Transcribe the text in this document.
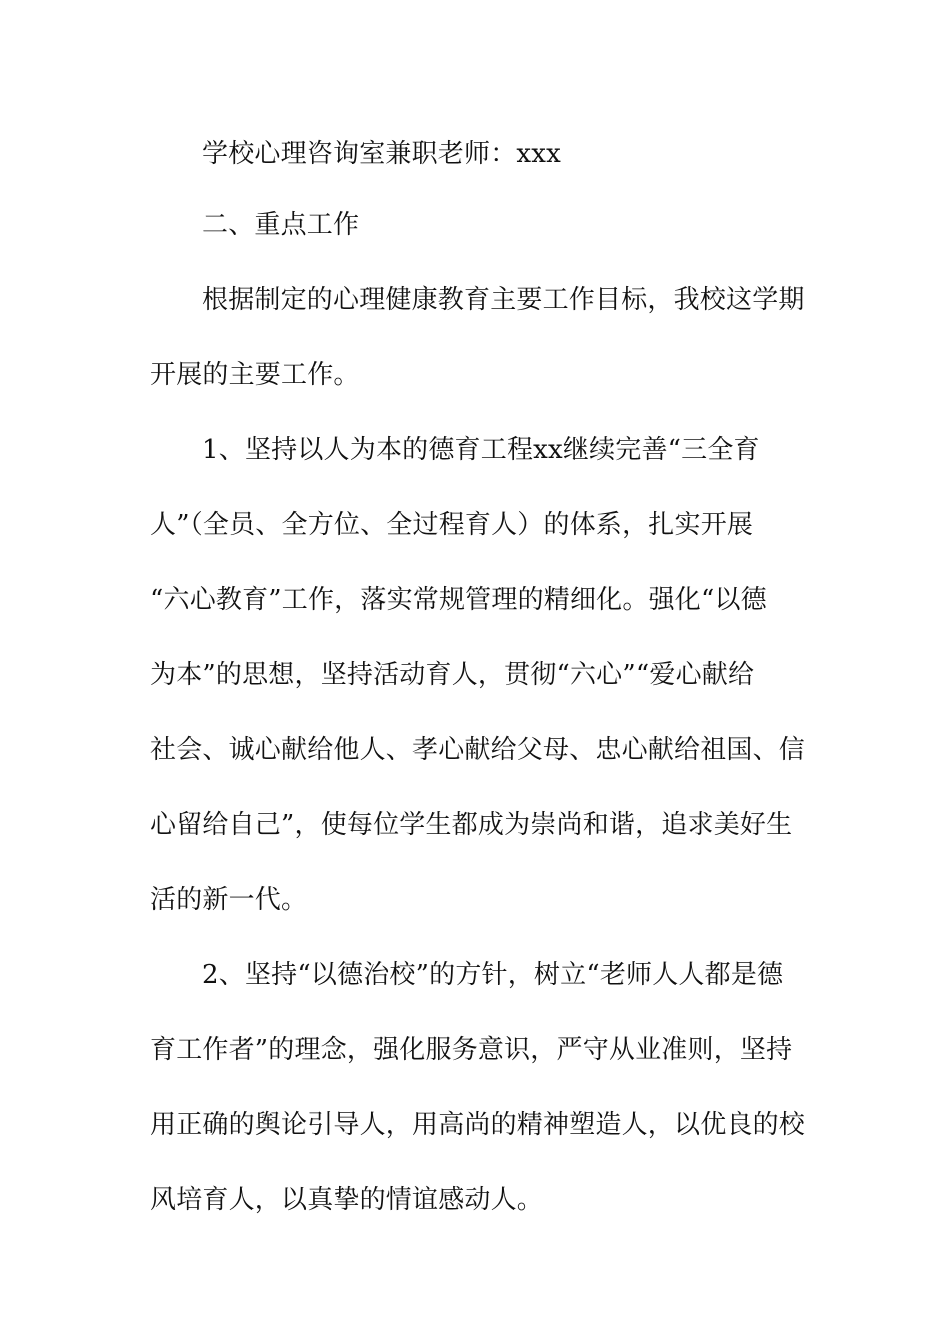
学校心理咨询室兼职老师：xxx
二、重点工作
根据制定的心理健康教育主要工作目标，我校这学期
开展的主要工作。
1、坚持以人为本的德育工程xx继续完善“三全育
人”（全员、全方位、全过程育人）的体系，扎实开展
“六心教育”工作，落实常规管理的精细化。强化“以德
为本”的思想，坚持活动育人，贯彻“六心”“爱心献给
社会、诚心献给他人、孝心献给父母、忠心献给祖国、信
心留给自己”，使每位学生都成为崇尚和谐，追求美好生
活的新一代。
2、坚持“以德治校”的方针，树立“老师人人都是德
育工作者”的理念，强化服务意识，严守从业准则，坚持
用正确的舆论引导人，用高尚的精神塑造人，以优良的校
风培育人，以真挚的情谊感动人。
